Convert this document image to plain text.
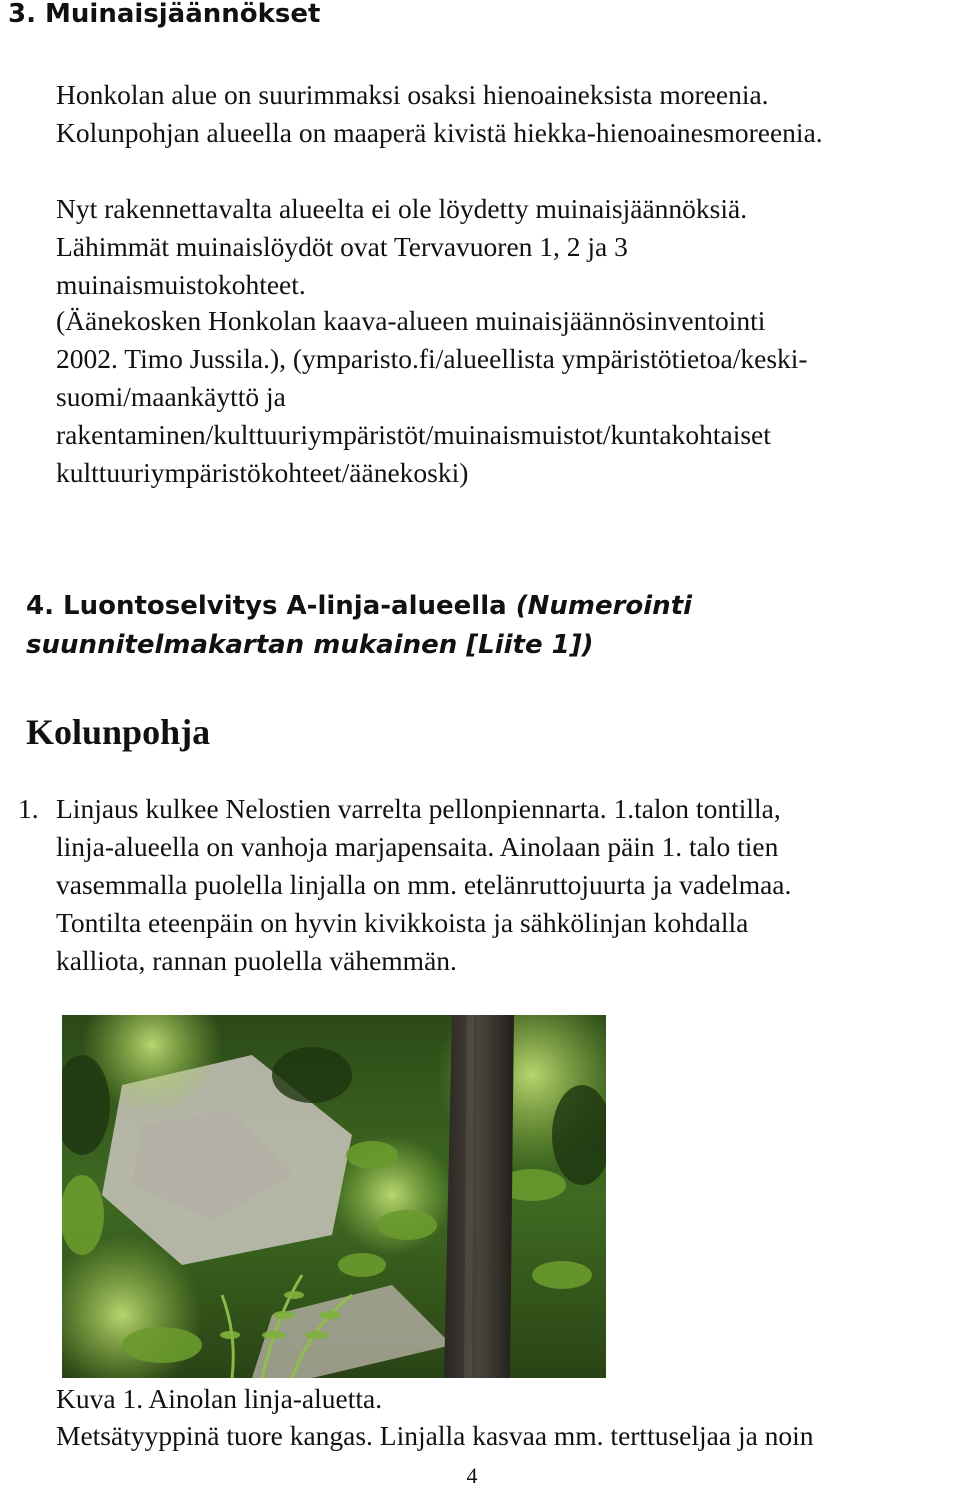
3. Muinaisjäännökset
Honkolan alue on suurimmaksi osaksi hienoaineksista moreenia.
Kolunpohjan alueella on maaperä kivistä hiekka-hienoainesmoreenia.
Nyt rakennettavalta alueelta ei ole löydetty muinaisjäännöksiä.
Lähimmät muinaislöydöt ovat Tervavuoren 1, 2 ja 3
muinaismuistokohteet.
(Äänekosken Honkolan kaava-alueen muinaisjäännösinventointi
2002. Timo Jussila.), (ymparisto.fi/alueellista ympäristötietoa/keski-
suomi/maankäyttö ja
rakentaminen/kulttuuriympäristöt/muinaismuistot/kuntakohtaiset
kulttuuriympäristökohteet/äänekoski)
4. Luontoselvitys A-linja-alueella (Numerointi
suunnitelmakartan mukainen [Liite 1])
Kolunpohja
1. Linjaus kulkee Nelostien varrelta pellonpiennarta. 1.talon tontilla,
linja-alueella on vanhoja marjapensaita. Ainolaan päin 1. talo tien
vasemmalla puolella linjalla on mm. etelänruttojuurta ja vadelmaa.
Tontilta eteenpäin on hyvin kivikkoista ja sähkölinjan kohdalla
kalliota, rannan puolella vähemmän.

Kuva 1. Ainolan linja-aluetta.

Metsätyyppinä tuore kangas. Linjalla kasvaa mm. terttuseljaa ja noin

4
